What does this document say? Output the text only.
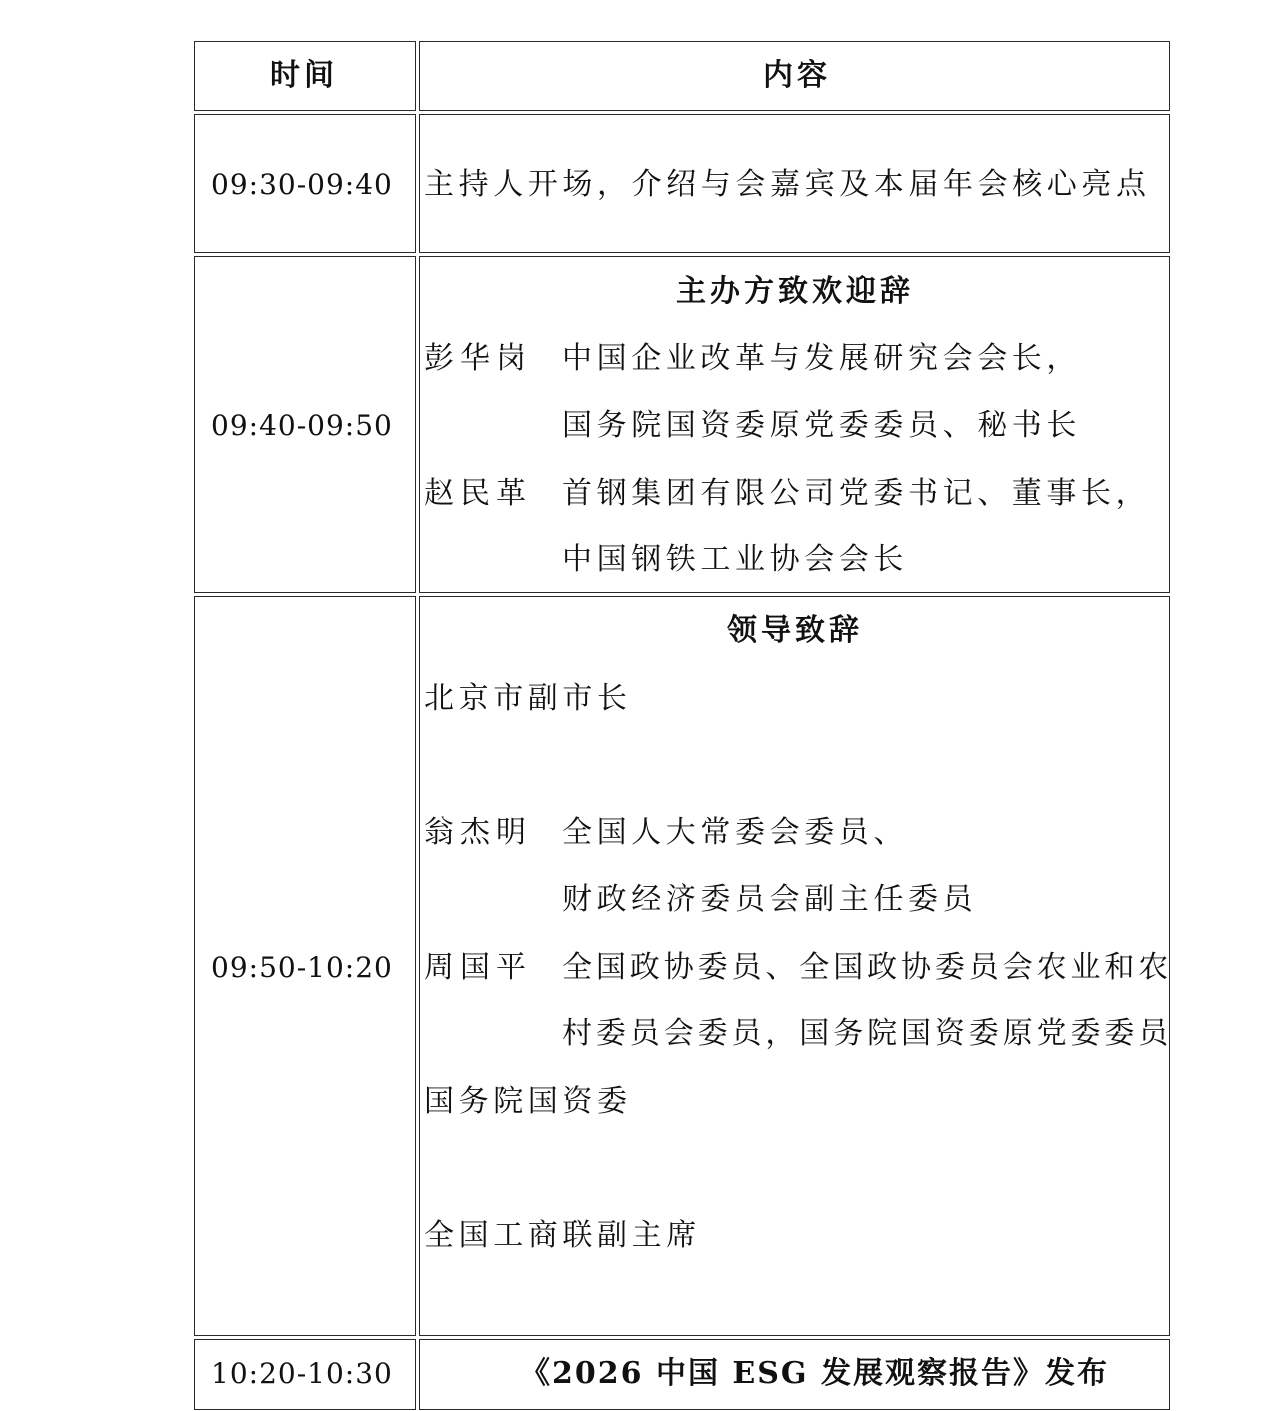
时间	内容
09:30-09:40 主持人开场，介绍与会嘉宾及本届年会核心亮点
09:40-09:50
主办方致欢迎辞
彭华岗 中国企业改革与发展研究会会长，
国务院国资委原党委委员、秘书长
赵民革 首钢集团有限公司党委书记、董事长，
中国钢铁工业协会会长
09:50-10:20
领导致辞
北京市副市长
翁杰明 全国人大常委会委员、
财政经济委员会副主任委员
周国平 全国政协委员、全国政协委员会农业和农
村委员会委员，国务院国资委原党委委员
国务院国资委
全国工商联副主席
10:20-10:30	《2026 中国 ESG 发展观察报告》发布
